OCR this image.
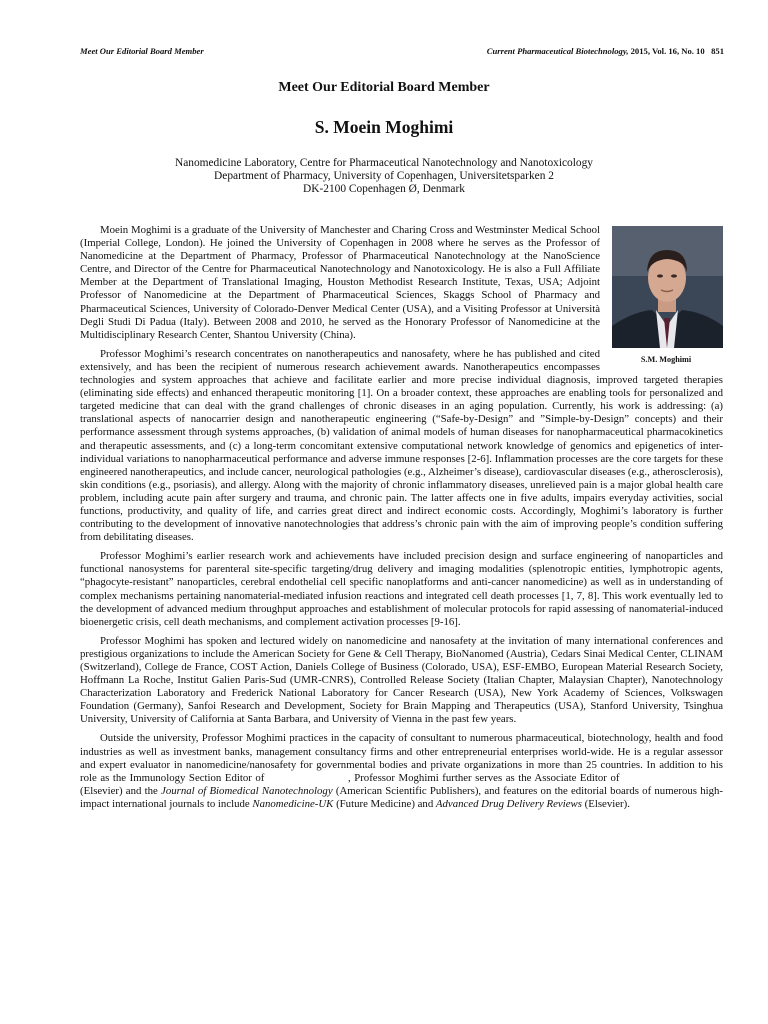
Meet Our Editorial Board Member	Current Pharmaceutical Biotechnology, 2015, Vol. 16, No. 10 851
Meet Our Editorial Board Member
S. Moein Moghimi
Nanomedicine Laboratory, Centre for Pharmaceutical Nanotechnology and Nanotoxicology
Department of Pharmacy, University of Copenhagen, Universitetsparken 2
DK-2100 Copenhagen Ø, Denmark
S.M. Moghimi

Moein Moghimi is a graduate of the University of Manchester and Charing Cross and Westminster Medical School (Imperial College, London). He joined the University of Copenhagen in 2008 where he serves as the Professor of Nanomedicine at the Department of Pharmacy, Professor of Pharmaceutical Nanotechnology at the NanoScience Centre, and Director of the Centre for Pharmaceutical Nanotechnology and Nanotoxicology. He is also a Full Affiliate Member at the Department of Translational Imaging, Houston Methodist Research Institute, Texas, USA; Adjoint Professor of Nanomedicine at the Department of Pharmaceutical Sciences, Skaggs School of Pharmacy and Pharmaceutical Sciences, University of Colorado-Denver Medical Center (USA), and a Visiting Professor at Università Degli Studi Di Padua (Italy). Between 2008 and 2010, he served as the Honorary Professor of Nanomedicine at the Multidisciplinary Research Center, Shantou University (China).

Professor Moghimi’s research concentrates on nanotherapeutics and nanosafety, where he has published and cited extensively, and has been the recipient of numerous research achievement awards. Nanotherapeutics encompasses technologies and system approaches that achieve and facilitate earlier and more precise individual diagnosis, improved targeted therapies (eliminating side effects) and enhanced therapeutic monitoring [1]. On a broader context, these approaches are enabling tools for personalized and targeted medicine that can deal with the grand challenges of chronic diseases in an aging population. Currently, his work is addressing: (a) translational aspects of nanocarrier design and nanotherapeutic engineering (“Safe-by-Design” and ”Simple-by-Design” concepts) and their performance assessment through systems approaches, (b) validation of animal models of human diseases for nanopharmaceutical pharmacokinetics and therapeutic assessments, and (c) a long-term concomitant extensive computational network knowledge of genomics and epigenetics of inter-individual variations to nanopharmaceutical performance and adverse immune responses [2-6]. Inflammation processes are the core targets for these engineered nanotherapeutics, and include cancer, neurological pathologies (e.g., Alzheimer’s disease), cardiovascular diseases (e.g., atherosclerosis), skin conditions (e.g., psoriasis), and allergy. Along with the majority of chronic inflammatory diseases, unrelieved pain is a major global health care problem, including acute pain after surgery and trauma, and chronic pain. The latter affects one in five adults, impairs everyday activities, social functions, productivity, and quality of life, and carries great direct and indirect economic costs. Accordingly, Moghimi’s laboratory is further contributing to the development of innovative nanotechnologies that address’s chronic pain with the aim of improving people’s condition suffering from debilitating diseases.

Professor Moghimi’s earlier research work and achievements have included precision design and surface engineering of nanoparticles and functional nanosystems for parenteral site-specific targeting/drug delivery and imaging modalities (splenotropic entities, lymphotropic agents, “phagocyte-resistant” nanoparticles, cerebral endothelial cell specific nanoplatforms and anti-cancer nanomedicine) as well as in understanding of complex mechanisms pertaining nanomaterial-mediated infusion reactions and integrated cell death processes [1, 7, 8]. This work eventually led to the development of advanced medium throughput approaches and establishment of molecular protocols for rapid assessing of nanomaterial-induced bioenergetic crisis, cell death mechanisms, and complement activation processes [9-16].

Professor Moghimi has spoken and lectured widely on nanomedicine and nanosafety at the invitation of many international conferences and prestigious organizations to include the American Society for Gene & Cell Therapy, BioNanomed (Austria), Cedars Sinai Medical Center, CLINAM (Switzerland), College de France, COST Action, Daniels College of Business (Colorado, USA), ESF-EMBO, European Material Research Society, Hoffmann La Roche, Institut Galien Paris-Sud (UMR-CNRS), Controlled Release Society (Italian Chapter, Malaysian Chapter), Nanotechnology Characterization Laboratory and Frederick National Laboratory for Cancer Research (USA), New York Academy of Sciences, Volkswagen Foundation (Germany), Sanfoi Research and Development, Society for Brain Mapping and Therapeutics (USA), Stanford University, Tsinghua University, University of California at Santa Barbara, and University of Vienna in the past few years.

Outside the university, Professor Moghimi practices in the capacity of consultant to numerous pharmaceutical, biotechnology, health and food industries as well as investment banks, management consultancy firms and other entrepreneurial enterprises world-wide. He is a regular assessor and expert evaluator in nanomedicine/nanosafety for governmental bodies and private organizations in more than 25 countries. In addition to his role as the Immunology Section Editor of	, Professor Moghimi further serves as the Associate Editor of  (Elsevier) and the Journal of Biomedical Nanotechnology (American Scientific Publishers), and features on the editorial boards of numerous high-impact international journals to include Nanomedicine-UK (Future Medicine) and Advanced Drug Delivery Reviews (Elsevier).
